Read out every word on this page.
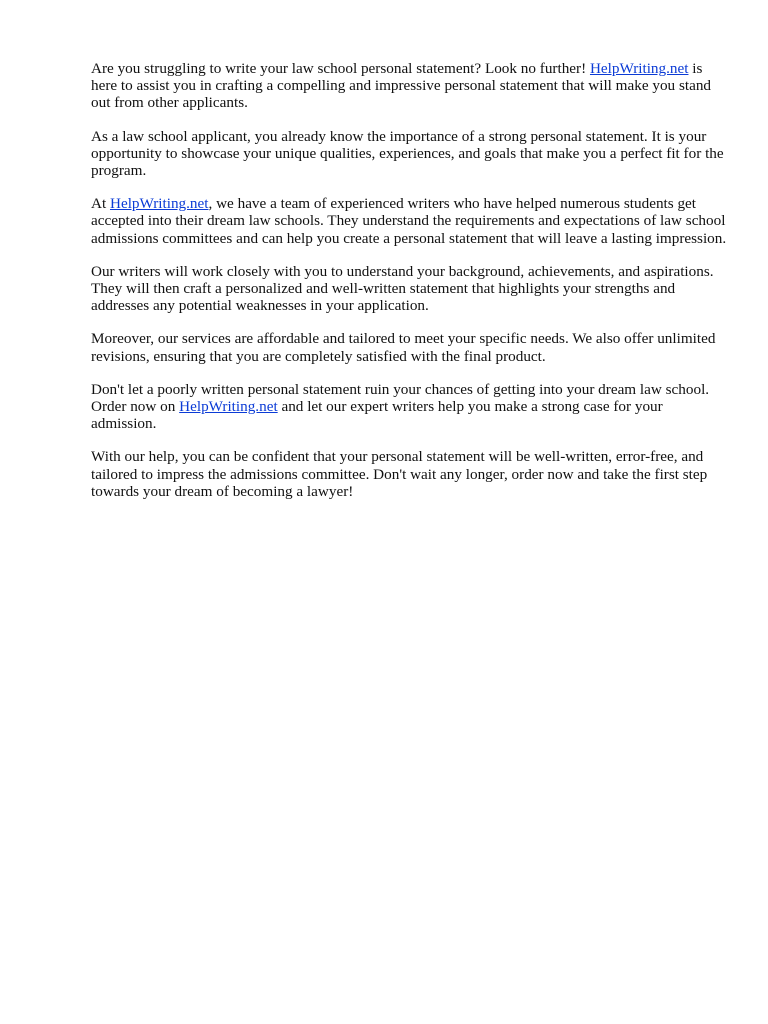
Are you struggling to write your law school personal statement? Look no further! HelpWriting.net is here to assist you in crafting a compelling and impressive personal statement that will make you stand out from other applicants.

As a law school applicant, you already know the importance of a strong personal statement. It is your opportunity to showcase your unique qualities, experiences, and goals that make you a perfect fit for the program.

At HelpWriting.net, we have a team of experienced writers who have helped numerous students get accepted into their dream law schools. They understand the requirements and expectations of law school admissions committees and can help you create a personal statement that will leave a lasting impression.

Our writers will work closely with you to understand your background, achievements, and aspirations. They will then craft a personalized and well-written statement that highlights your strengths and addresses any potential weaknesses in your application.

Moreover, our services are affordable and tailored to meet your specific needs. We also offer unlimited revisions, ensuring that you are completely satisfied with the final product.

Don't let a poorly written personal statement ruin your chances of getting into your dream law school. Order now on HelpWriting.net and let our expert writers help you make a strong case for your admission.

With our help, you can be confident that your personal statement will be well-written, error-free, and tailored to impress the admissions committee. Don't wait any longer, order now and take the first step towards your dream of becoming a lawyer!
